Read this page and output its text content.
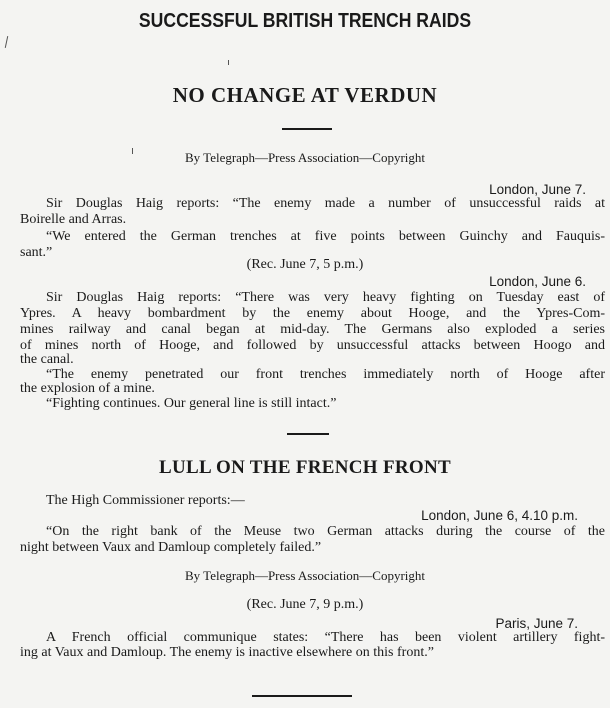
SUCCESSFUL BRITISH TRENCH RAIDS
NO CHANGE AT VERDUN
By Telegraph—Press Association—Copyright
London, June 7.
Sir Douglas Haig reports: “The enemy made a number of unsuccessful raids at
Boirelle and Arras.
“We entered the German trenches at five points between Guinchy and Fauquis-
sant.”
(Rec. June 7, 5 p.m.)
London, June 6.
Sir Douglas Haig reports: “There was very heavy fighting on Tuesday east of
Ypres. A heavy bombardment by the enemy about Hooge, and the Ypres-Com-
mines railway and canal began at mid-day. The Germans also exploded a series
of mines north of Hooge, and followed by unsuccessful attacks between Hoogo and
the canal.
“The enemy penetrated our front trenches immediately north of Hooge after
the explosion of a mine.
“Fighting continues. Our general line is still intact.”
LULL ON THE FRENCH FRONT
The High Commissioner reports:—
London, June 6, 4.10 p.m.
“On the right bank of the Meuse two German attacks during the course of the
night between Vaux and Damloup completely failed.”
By Telegraph—Press Association—Copyright
(Rec. June 7, 9 p.m.)
Paris, June 7.
A French official communique states: “There has been violent artillery fight-
ing at Vaux and Damloup. The enemy is inactive elsewhere on this front.”
